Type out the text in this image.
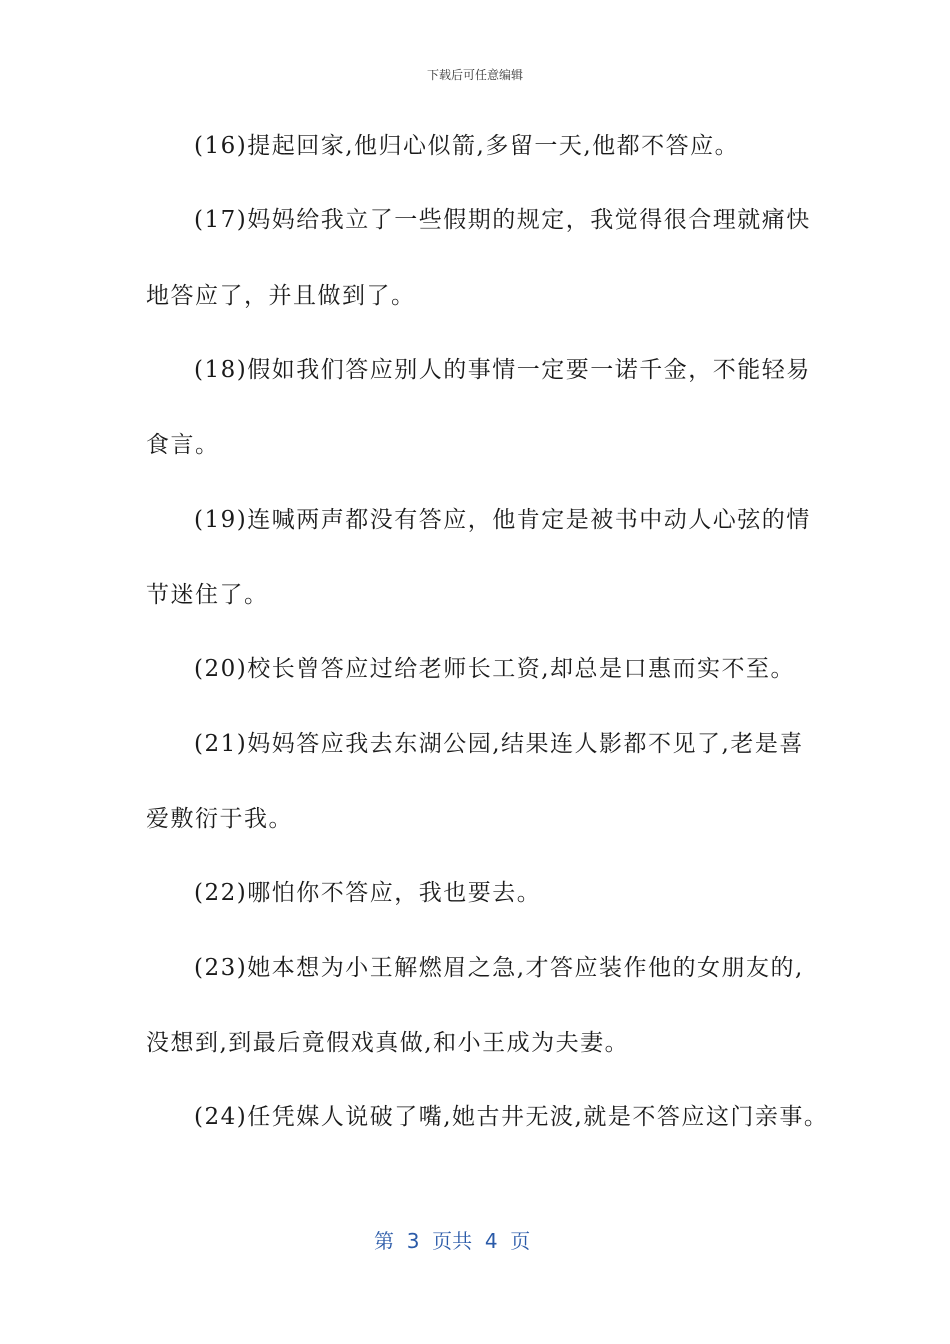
下载后可任意编辑
(16)提起回家,他归心似箭,多留一天,他都不答应。
(17)妈妈给我立了一些假期的规定，我觉得很合理就痛快
地答应了，并且做到了。
(18)假如我们答应别人的事情一定要一诺千金，不能轻易
食言。
(19)连喊两声都没有答应，他肯定是被书中动人心弦的情
节迷住了。
(20)校长曾答应过给老师长工资,却总是口惠而实不至。
(21)妈妈答应我去东湖公园,结果连人影都不见了,老是喜
爱敷衍于我。
(22)哪怕你不答应，我也要去。
(23)她本想为小王解燃眉之急,才答应装作他的女朋友的,
没想到,到最后竟假戏真做,和小王成为夫妻。
(24)任凭媒人说破了嘴,她古井无波,就是不答应这门亲事。
第  3  页共  4  页
